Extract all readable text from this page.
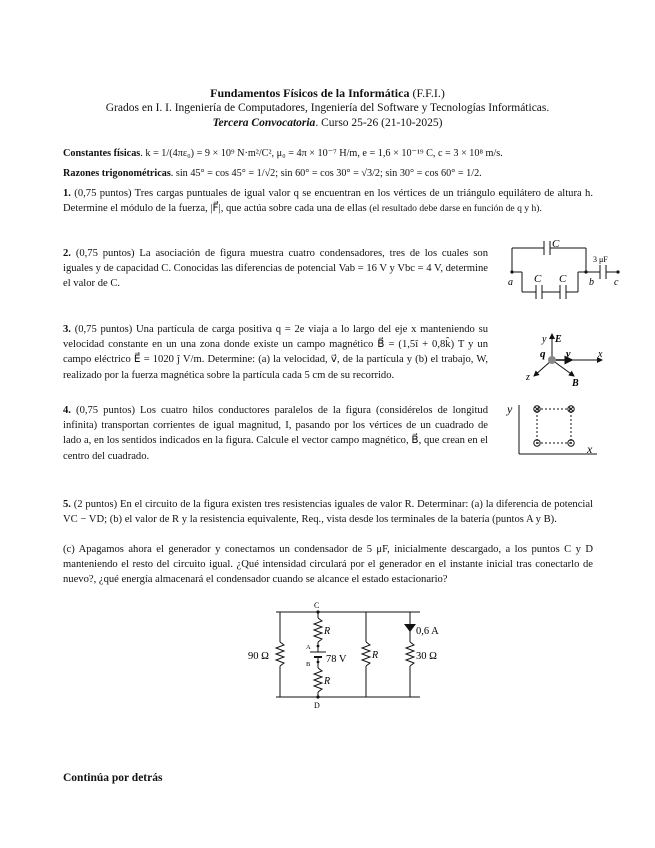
Fundamentos Físicos de la Informática (F.F.I.)
Grados en I. I. Ingeniería de Computadores, Ingeniería del Software y Tecnologías Informáticas.
Tercera Convocatoria. Curso 25-26 (21-10-2025)
Constantes físicas. k = 1/(4πε₀) = 9 × 10⁹ N·m²/C², μ₀ = 4π × 10⁻⁷ H/m, e = 1,6 × 10⁻¹⁹ C, c = 3 × 10⁸ m/s.
Razones trigonométricas. sin 45° = cos 45° = 1/√2; sin 60° = cos 30° = √3/2; sin 30° = cos 60° = 1/2.
1. (0,75 puntos) Tres cargas puntuales de igual valor q se encuentran en los vértices de un triángulo equilátero de altura h. Determine el módulo de la fuerza, |F⃗|, que actúa sobre cada una de ellas (el resultado debe darse en función de q y h).
2. (0,75 puntos) La asociación de figura muestra cuatro condensadores, tres de los cuales son iguales y de capacidad C. Conocidas las diferencias de potencial Vab = 16 V y Vbc = 4 V, determine el valor de C.
C
C C
3 μF
a	b c
3. (0,75 puntos) Una partícula de carga positiva q = 2e viaja a lo largo del eje x manteniendo su velocidad constante en un una zona donde existe un campo magnético B⃗ = (1,5î + 0,8k̂) T y un campo eléctrico E⃗ = 1020 ĵ V/m. Determine: (a) la velocidad, v⃗, de la partícula y (b) el trabajo, W, realizado por la fuerza magnética sobre la partícula cada 5 cm de su recorrido.
y E⃗
q v⃗ x
z
B⃗
4. (0,75 puntos) Los cuatro hilos conductores paralelos de la figura (considérelos de longitud infinita) transportan corrientes de igual magnitud, I, pasando por los vértices de un cuadrado de lado a, en los sentidos indicados en la figura. Calcule el vector campo magnético, B⃗, que crean en el centro del cuadrado.
y
x
5. (2 puntos) En el circuito de la figura existen tres resistencias iguales de valor R. Determinar: (a) la diferencia de potencial VC − VD; (b) el valor de R y la resistencia equivalente, Req., vista desde los terminales de la batería (puntos A y B).
(c) Apagamos ahora el generador y conectamos un condensador de 5 μF, inicialmente descargado, a los puntos C y D manteniendo el resto del circuito igual. ¿Qué intensidad circulará por el generador en el instante inicial tras conectarlo de nuevo?, ¿qué energía almacenará el condensador cuando se alcance el estado estacionario?
C
D
A
B
90 Ω
R
R
78 V	R	30 Ω
0,6 A
Continúa por detrás
